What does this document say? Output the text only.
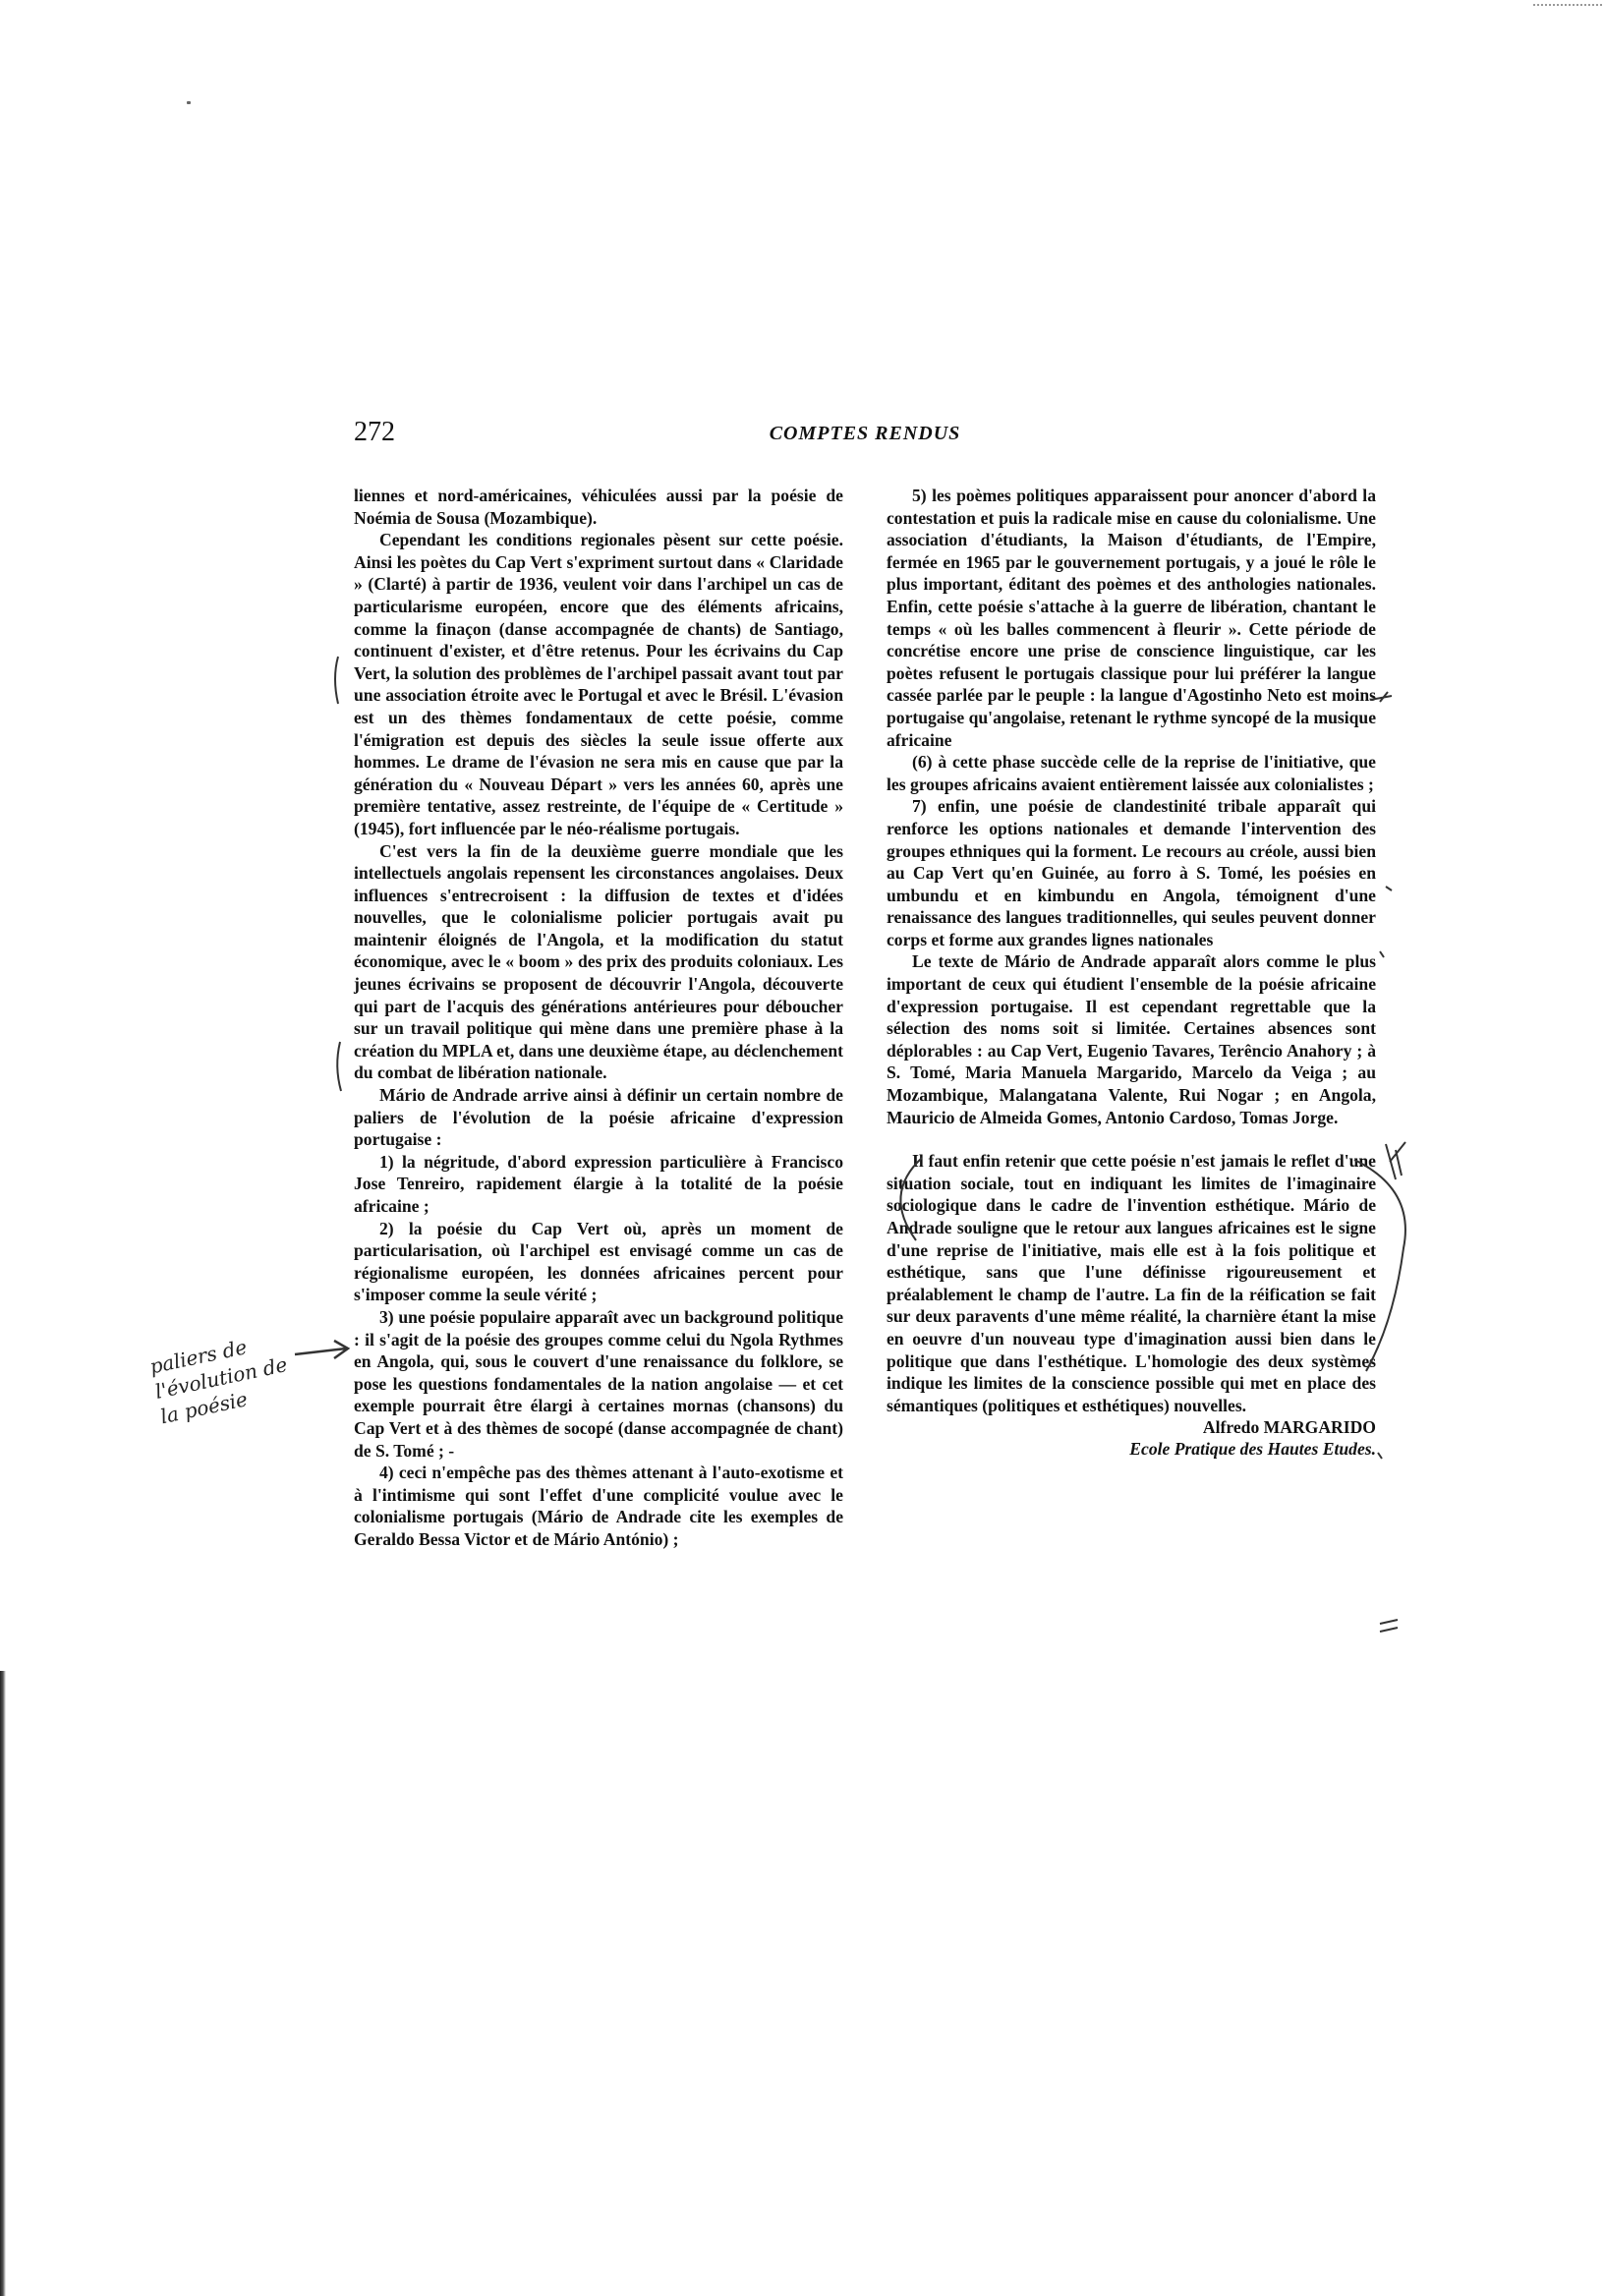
272	COMPTES RENDUS

liennes et nord-américaines, véhiculées aussi par la poésie de Noémia de Sousa (Mozambique).

Cependant les conditions regionales pèsent sur cette poésie. Ainsi les poètes du Cap Vert s'expriment surtout dans « Claridade » (Clarté) à partir de 1936, veulent voir dans l'archipel un cas de particularisme européen, encore que des éléments africains, comme la finaçon (danse accompagnée de chants) de Santiago, continuent d'exister, et d'être retenus. Pour les écrivains du Cap Vert, la solution des problèmes de l'archipel passait avant tout par une association étroite avec le Portugal et avec le Brésil. L'évasion est un des thèmes fondamentaux de cette poésie, comme l'émigration est depuis des siècles la seule issue offerte aux hommes. Le drame de l'évasion ne sera mis en cause que par la génération du « Nouveau Départ » vers les années 60, après une première tentative, assez restreinte, de l'équipe de « Certitude » (1945), fort influencée par le néo-réalisme portugais.

C'est vers la fin de la deuxième guerre mondiale que les intellectuels angolais repensent les circonstances angolaises. Deux influences s'entrecroisent : la diffusion de textes et d'idées nouvelles, que le colonialisme policier portugais avait pu maintenir éloignés de l'Angola, et la modification du statut économique, avec le « boom » des prix des produits coloniaux. Les jeunes écrivains se proposent de découvrir l'Angola, découverte qui part de l'acquis des générations antérieures pour déboucher sur un travail politique qui mène dans une première phase à la création du MPLA et, dans une deuxième étape, au déclenchement du combat de libération nationale.

Mário de Andrade arrive ainsi à définir un certain nombre de paliers de l'évolution de la poésie africaine d'expression portugaise :

1) la négritude, d'abord expression particulière à Francisco Jose Tenreiro, rapidement élargie à la totalité de la poésie africaine ;

2) la poésie du Cap Vert où, après un moment de particularisation, où l'archipel est envisagé comme un cas de régionalisme européen, les données africaines percent pour s'imposer comme la seule vérité ;

3) une poésie populaire apparaît avec un background politique : il s'agit de la poésie des groupes comme celui du Ngola Rythmes en Angola, qui, sous le couvert d'une renaissance du folklore, se pose les questions fondamentales de la nation angolaise — et cet exemple pourrait être élargi à certaines mornas (chansons) du Cap Vert et à des thèmes de socopé (danse accompagnée de chant) de S. Tomé ; -

4) ceci n'empêche pas des thèmes attenant à l'auto-exotisme et à l'intimisme qui sont l'effet d'une complicité voulue avec le colonialisme portugais (Mário de Andrade cite les exemples de Geraldo Bessa Victor et de Mário António) ;

5) les poèmes politiques apparaissent pour anoncer d'abord la contestation et puis la radicale mise en cause du colonialisme. Une association d'étudiants, la Maison d'étudiants, de l'Empire, fermée en 1965 par le gouvernement portugais, y a joué le rôle le plus important, éditant des poèmes et des anthologies nationales. Enfin, cette poésie s'attache à la guerre de libération, chantant le temps « où les balles commencent à fleurir ». Cette période de concrétise encore une prise de conscience linguistique, car les poètes refusent le portugais classique pour lui préférer la langue cassée parlée par le peuple : la langue d'Agostinho Neto est moins portugaise qu'angolaise, retenant le rythme syncopé de la musique africaine

(6) à cette phase succède celle de la reprise de l'initiative, que les groupes africains avaient entièrement laissée aux colonialistes ;

7) enfin, une poésie de clandestinité tribale apparaît qui renforce les options nationales et demande l'intervention des groupes ethniques qui la forment. Le recours au créole, aussi bien au Cap Vert qu'en Guinée, au forro à S. Tomé, les poésies en umbundu et en kimbundu en Angola, témoignent d'une renaissance des langues traditionnelles, qui seules peuvent donner corps et forme aux grandes lignes nationales

Le texte de Mário de Andrade apparaît alors comme le plus important de ceux qui étudient l'ensemble de la poésie africaine d'expression portugaise. Il est cependant regrettable que la sélection des noms soit si limitée. Certaines absences sont déplorables : au Cap Vert, Eugenio Tavares, Terêncio Anahory ; à S. Tomé, Maria Manuela Margarido, Marcelo da Veiga ; au Mozambique, Malangatana Valente, Rui Nogar ; en Angola, Mauricio de Almeida Gomes, Antonio Cardoso, Tomas Jorge.

Il faut enfin retenir que cette poésie n'est jamais le reflet d'une situation sociale, tout en indiquant les limites de l'imaginaire sociologique dans le cadre de l'invention esthétique. Mário de Andrade souligne que le retour aux langues africaines est le signe d'une reprise de l'initiative, mais elle est à la fois politique et esthétique, sans que l'une définisse rigoureusement et préalablement le champ de l'autre. La fin de la réification se fait sur deux paravents d'une même réalité, la charnière étant la mise en oeuvre d'un nouveau type d'imagination aussi bien dans le politique que dans l'esthétique. L'homologie des deux systèmes indique les limites de la conscience possible qui met en place des sémantiques (politiques et esthétiques) nouvelles.

Alfredo MARGARIDO
Ecole Pratique des Hautes Etudes.

paliers de
l'évolution de
la poésie
